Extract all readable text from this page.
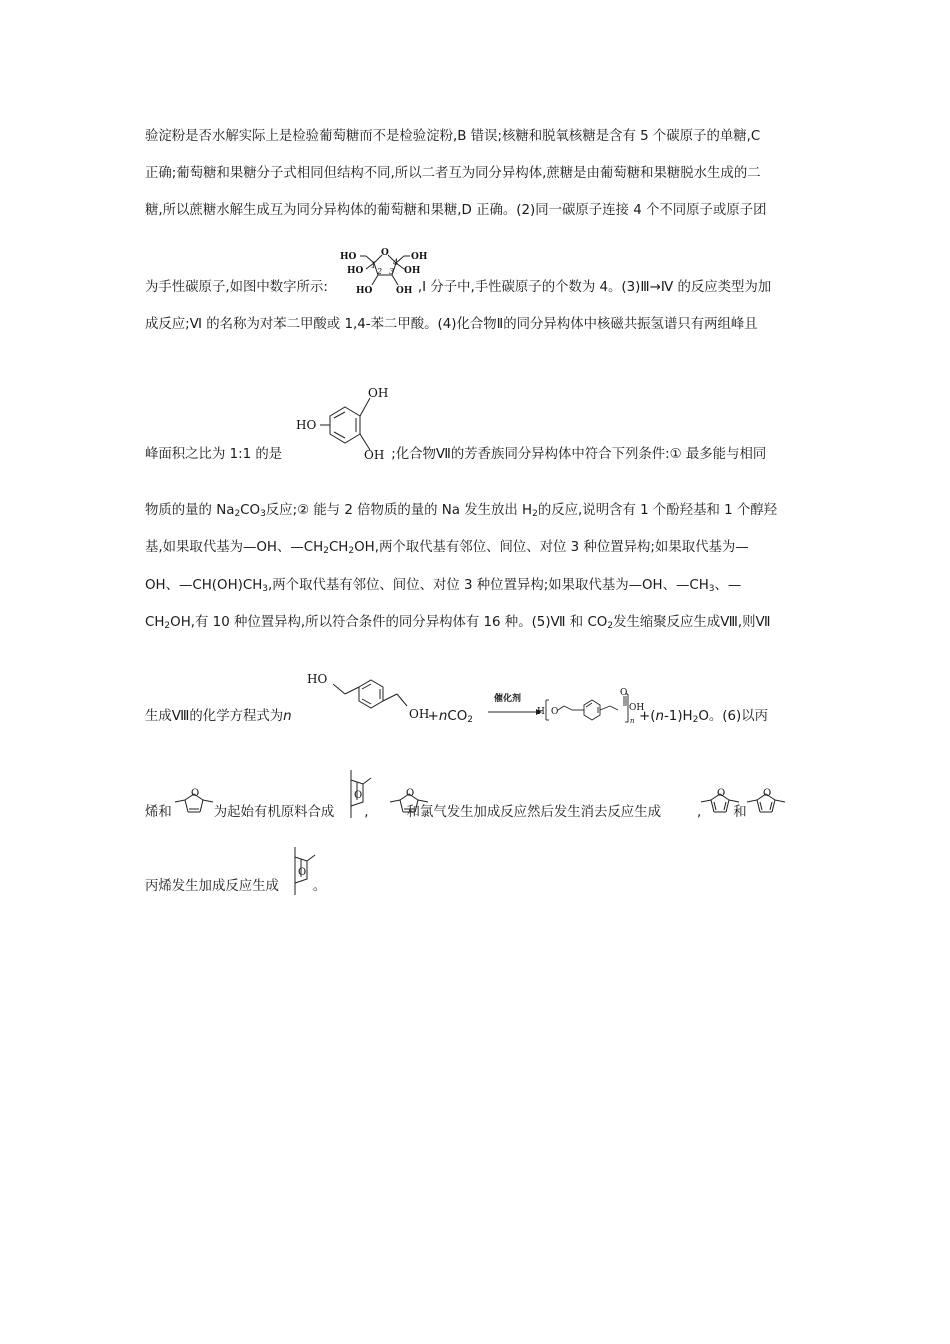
验淀粉是否水解实际上是检验葡萄糖而不是检验淀粉,B 错误;核糖和脱氧核糖是含有 5 个碳原子的单糖,C
正确;葡萄糖和果糖分子式相同但结构不同,所以二者互为同分异构体,蔗糖是由葡萄糖和果糖脱水生成的二
糖,所以蔗糖水解生成互为同分异构体的葡萄糖和果糖,D 正确。(2)同一碳原子连接 4 个不同原子或原子团
为手性碳原子,如图中数字所示:	,I 分子中,手性碳原子的个数为 4。(3)Ⅲ→Ⅳ 的反应类型为加
HO	OH
HO	OH
HO	OH
O
1
2 3
4
成反应;Ⅵ 的名称为对苯二甲酸或 1,4-苯二甲酸。(4)化合物Ⅱ的同分异构体中核磁共振氢谱只有两组峰且
峰面积之比为 1:1 的是	;化合物Ⅶ的芳香族同分异构体中符合下列条件:① 最多能与相同
OH
HO
OH
物质的量的 $Na_2CO_3$反应;② 能与 2 倍物质的量的 Na 发生放出 $H_2$的反应,说明含有 1 个酚羟基和 1 个醇羟
基,如果取代基为—OH、$—CH_2CH_2OH$,两个取代基有邻位、间位、对位 3 种位置异构;如果取代基为—
OH、$—CH(OH)CH_3$,两个取代基有邻位、间位、对位 3 种位置异构;如果取代基为—OH、$—CH_3$、—
$CH_2OH$,有 10 种位置异构,所以符合条件的同分异构体有 16 种。(5)Ⅶ 和 $CO_2$发生缩聚反应生成Ⅷ,则Ⅶ
生成Ⅷ的化学方程式为n	+nCO$_2$	$+(n-1)H_2O$。(6)以丙
HO
OH
催化剂
H O
O
OH
n
烯和	为起始有机原料合成 ,	和氯气发生加成反应然后发生消去反应生成	, 和
O	O	O	O	O
丙烯发生加成反应生成	。
O
